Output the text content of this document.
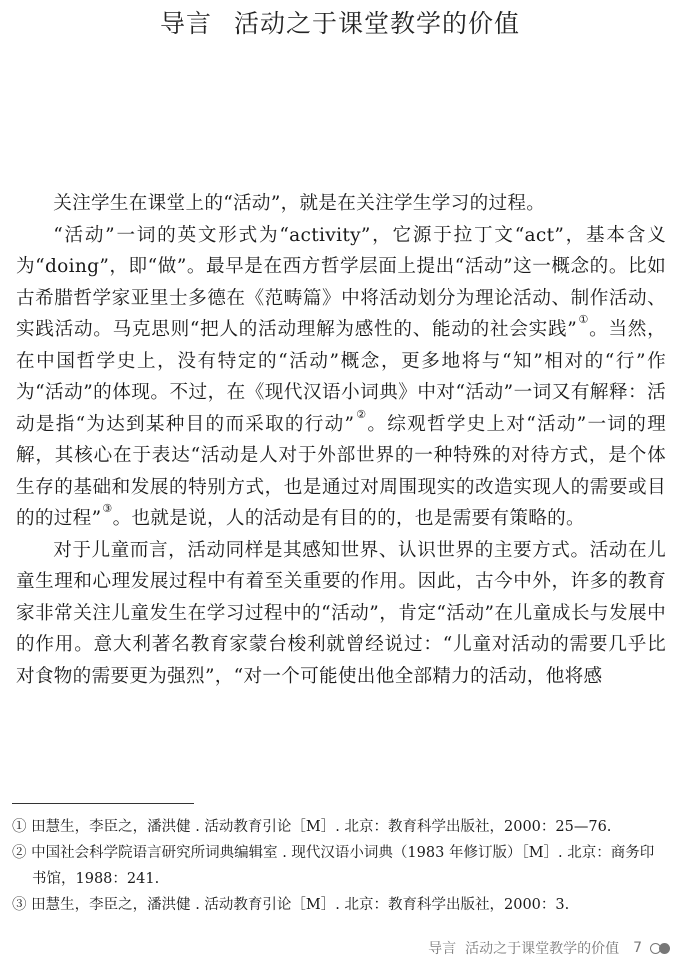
导言 活动之于课堂教学的价值

关注学生在课堂上的“活动”，就是在关注学生学习的过程。

“活动”一词的英文形式为“activity”，它源于拉丁文“act”，基本含义为“doing”，即“做”。最早是在西方哲学层面上提出“活动”这一概念的。比如古希腊哲学家亚里士多德在《范畴篇》中将活动划分为理论活动、制作活动、实践活动。马克思则“把人的活动理解为感性的、能动的社会实践”①。当然，在中国哲学史上，没有特定的“活动”概念，更多地将与“知”相对的“行”作为“活动”的体现。不过，在《现代汉语小词典》中对“活动”一词又有解释：活动是指“为达到某种目的而采取的行动”②。综观哲学史上对“活动”一词的理解，其核心在于表达“活动是人对于外部世界的一种特殊的对待方式，是个体生存的基础和发展的特别方式，也是通过对周围现实的改造实现人的需要或目的的过程”③。也就是说，人的活动是有目的的，也是需要有策略的。

对于儿童而言，活动同样是其感知世界、认识世界的主要方式。活动在儿童生理和心理发展过程中有着至关重要的作用。因此，古今中外，许多的教育家非常关注儿童发生在学习过程中的“活动”，肯定“活动”在儿童成长与发展中的作用。意大利著名教育家蒙台梭利就曾经说过：“儿童对活动的需要几乎比对食物的需要更为强烈”，“对一个可能使出他全部精力的活动，他将感

① 田慧生，李臣之，潘洪健 . 活动教育引论［M］. 北京：教育科学出版社，2000：25—76.

② 中国社会科学院语言研究所词典编辑室 . 现代汉语小词典（1983 年修订版）［M］. 北京：商务印书馆，1988：241.

③ 田慧生，李臣之，潘洪健 . 活动教育引论［M］. 北京：教育科学出版社，2000：3.

导言
活动之于课堂教学的价值 7
